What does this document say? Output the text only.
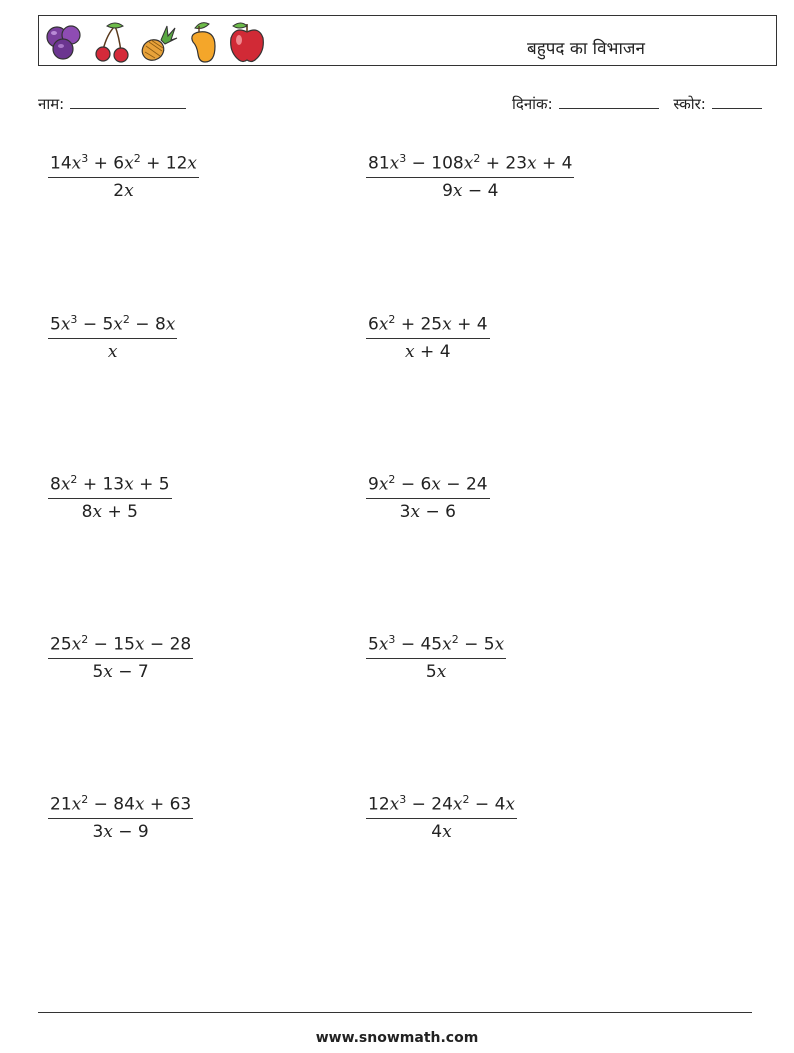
बहुपद का विभाजन
नाम:	दिनांक:	स्कोर:
$\frac{14x^3 + 6x^2 + 12x}{2x}$	$\frac{81x^3 - 108x^2 + 23x + 4}{9x - 4}$
$\frac{5x^3 - 5x^2 - 8x}{x}$	$\frac{6x^2 + 25x + 4}{x + 4}$
$\frac{8x^2 + 13x + 5}{8x + 5}$	$\frac{9x^2 - 6x - 24}{3x - 6}$
$\frac{25x^2 - 15x - 28}{5x - 7}$	$\frac{5x^3 - 45x^2 - 5x}{5x}$
$\frac{21x^2 - 84x + 63}{3x - 9}$	$\frac{12x^3 - 24x^2 - 4x}{4x}$
www.snowmath.com
